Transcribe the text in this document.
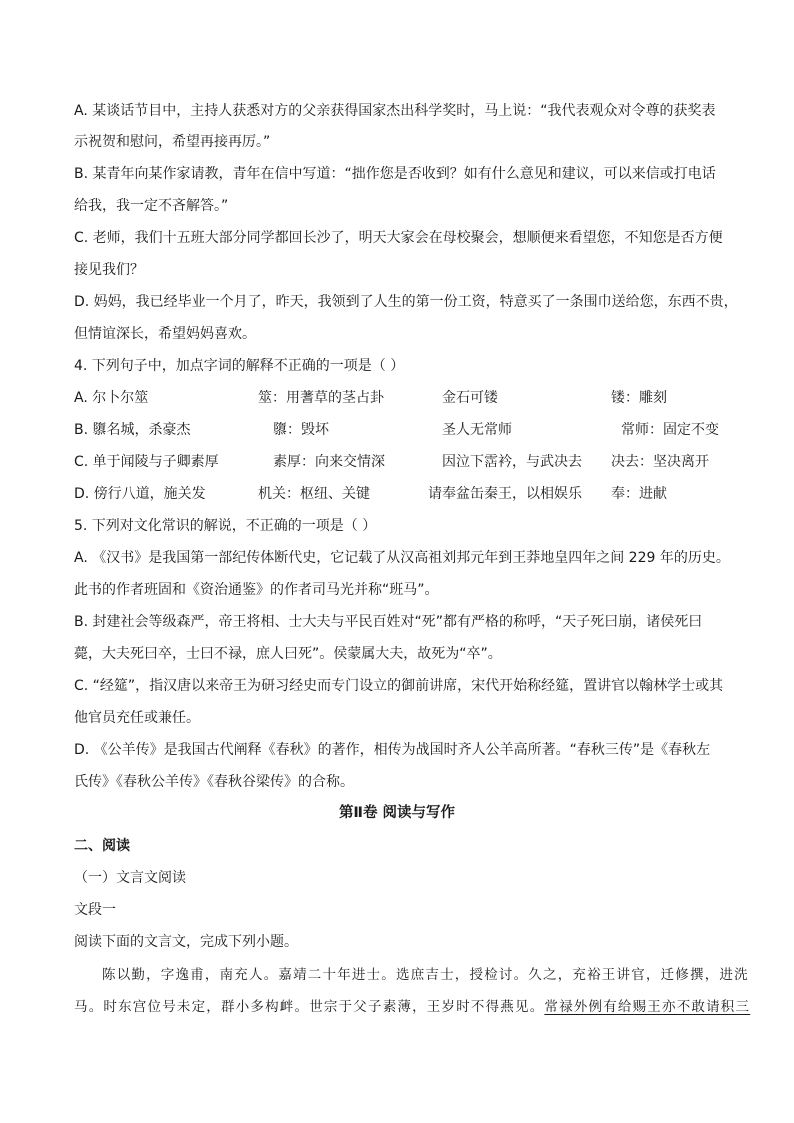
A. 某谈话节目中，主持人获悉对方的父亲获得国家杰出科学奖时，马上说：“我代表观众对令尊的获奖表
示祝贺和慰问，希望再接再厉。”
B. 某青年向某作家请教，青年在信中写道：“拙作您是否收到？如有什么意见和建议，可以来信或打电话
给我，我一定不吝解答。”
C. 老师，我们十五班大部分同学都回长沙了，明天大家会在母校聚会，想顺便来看望您，不知您是否方便
接见我们？
D. 妈妈，我已经毕业一个月了，昨天，我领到了人生的第一份工资，特意买了一条围巾送给您，东西不贵，
但情谊深长，希望妈妈喜欢。
4. 下列句子中，加点字词的解释不正确的一项是（ ）
A. 尔卜尔筮	筮：用蓍草的茎占卦	金石可镂	镂：雕刻
B. 隳名城，杀豪杰	隳：毁坏	圣人无常师	常师：固定不变
C. 单于闻陵与子卿素厚	素厚：向来交情深	因泣下霑衿，与武决去 决去：坚决离开
D. 傍行八道，施关发	机关：枢纽、关键	请奉盆缶秦王，以相娱乐 奉：进献
5. 下列对文化常识的解说，不正确的一项是（ ）
A. 《汉书》是我国第一部纪传体断代史，它记载了从汉高祖刘邦元年到王莽地皇四年之间 229 年的历史。
此书的作者班固和《资治通鉴》的作者司马光并称“班马”。
B. 封建社会等级森严，帝王将相、士大夫与平民百姓对“死”都有严格的称呼，“天子死曰崩，诸侯死曰
薨，大夫死曰卒，士曰不禄，庶人曰死”。侯蒙属大夫，故死为“卒”。
C. “经筵”，指汉唐以来帝王为研习经史而专门设立的御前讲席，宋代开始称经筵，置讲官以翰林学士或其
他官员充任或兼任。
D. 《公羊传》是我国古代阐释《春秋》的著作，相传为战国时齐人公羊高所著。“春秋三传”是《春秋左
氏传》《春秋公羊传》《春秋谷梁传》的合称。
第Ⅱ卷 阅读与写作
二、阅读
（一）文言文阅读
文段一
阅读下面的文言文，完成下列小题。
陈以勤，字逸甫，南充人。嘉靖二十年进士。选庶吉士，授检讨。久之，充裕王讲官，迁修撰，进洗
马。时东宫位号未定，群小多构衅。世宗于父子素薄，王岁时不得燕见。常禄外例有给赐王亦不敢请积三
